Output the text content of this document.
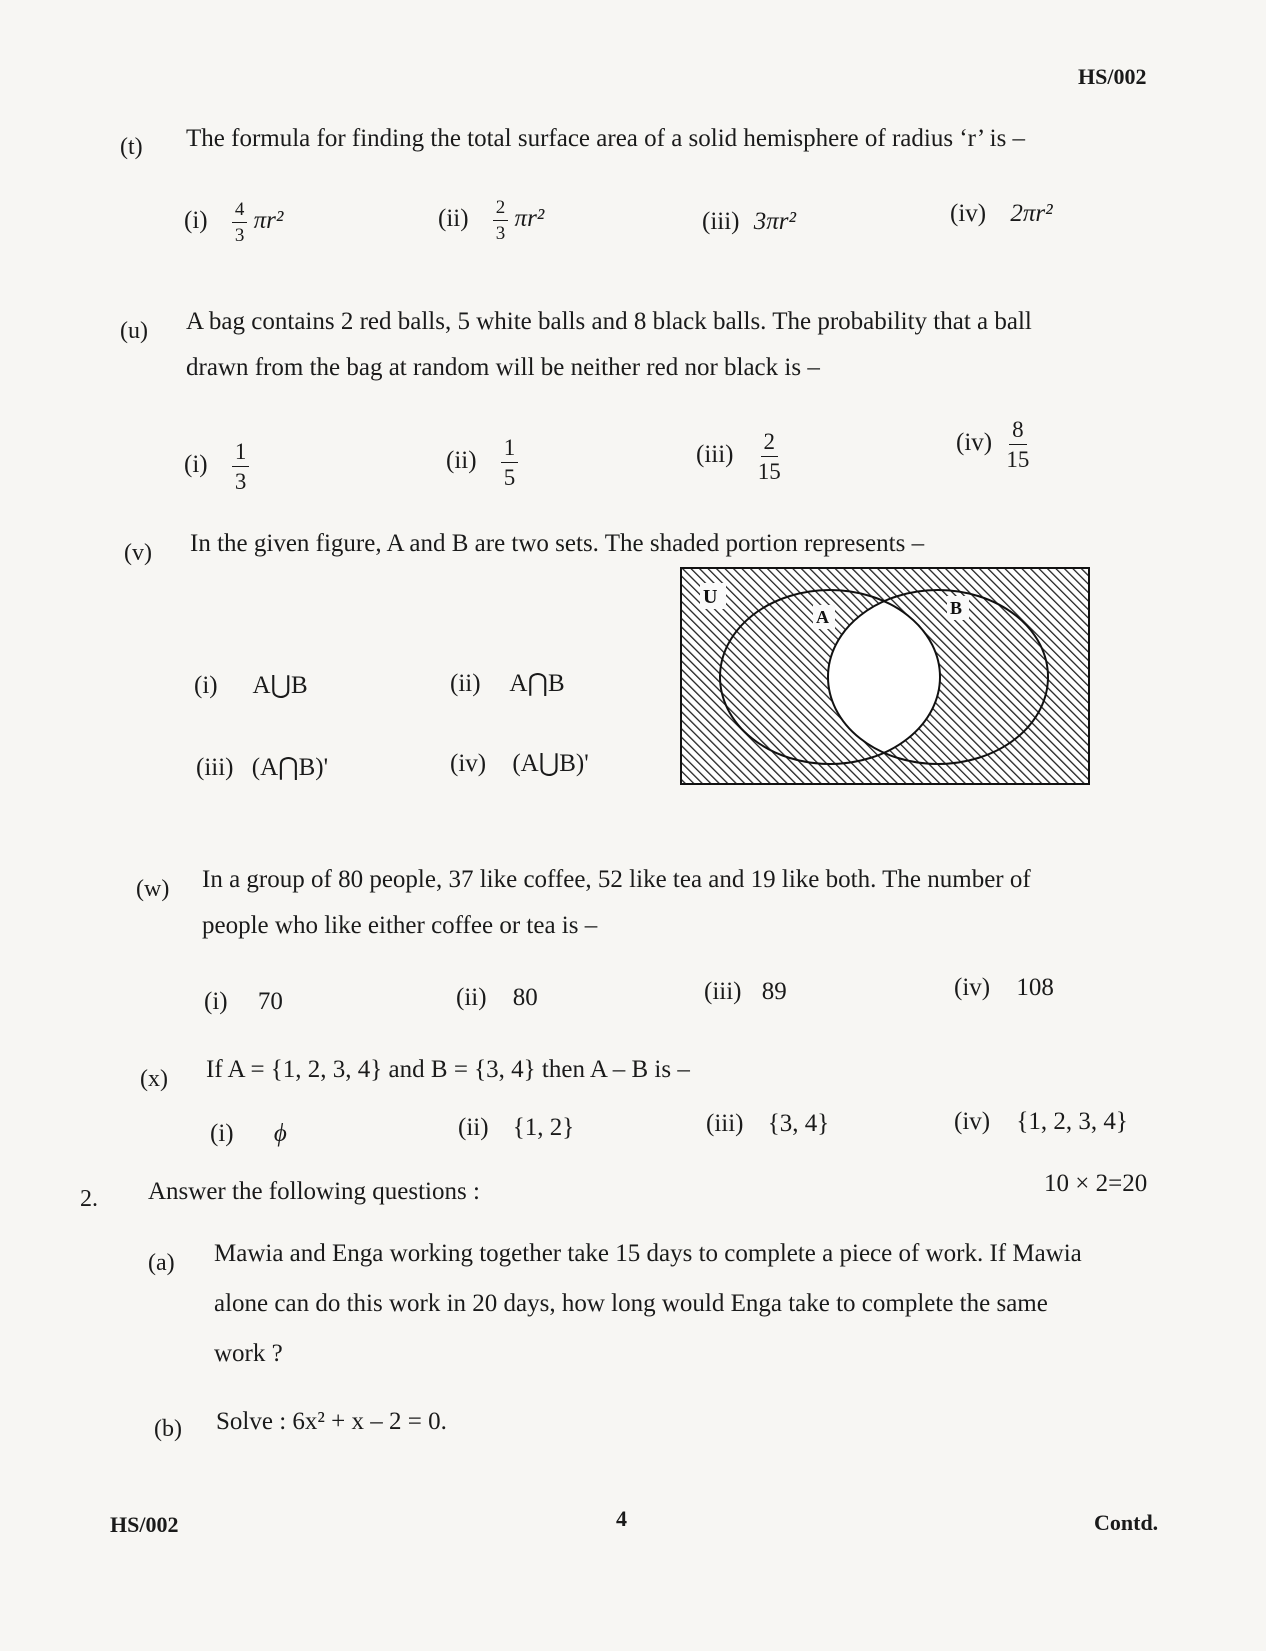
HS/002
(t) The formula for finding the total surface area of a solid hemisphere of radius ‘r’ is –
$(i) \frac{4}{3} \pi r^2$	$(ii) \frac{2}{3} \pi r^2$	(iii) 3πr²	(iv) 2πr²
(u) A bag contains 2 red balls, 5 white balls and 8 black balls. The probability that a ball
drawn from the bag at random will be neither red nor black is –
$(i) \frac{1}{3}$	$(ii) \frac{1}{5}$	$(iii) \frac{2}{15}$	$(iv) \frac{8}{15}$
(v) In the given figure, A and B are two sets. The shaded portion represents –
(i) A⋃B	(ii) A⋂B
(iii) (A⋂B)'	(iv) (A⋃B)'
U
A	B
(w) In a group of 80 people, 37 like coffee, 52 like tea and 19 like both. The number of
people who like either coffee or tea is –
(i) 70	(ii) 80	(iii) 89	(iv) 108
(x) If A = {1, 2, 3, 4} and B = {3, 4} then A – B is –
(i) ϕ	(ii) {1, 2}	(iii) {3, 4}	(iv) {1, 2, 3, 4}
2. Answer the following questions :	10 × 2=20
(a) Mawia and Enga working together take 15 days to complete a piece of work. If Mawia
alone can do this work in 20 days, how long would Enga take to complete the same
work ?
(b) Solve : 6x² + x – 2 = 0.
HS/002	4	Contd.
